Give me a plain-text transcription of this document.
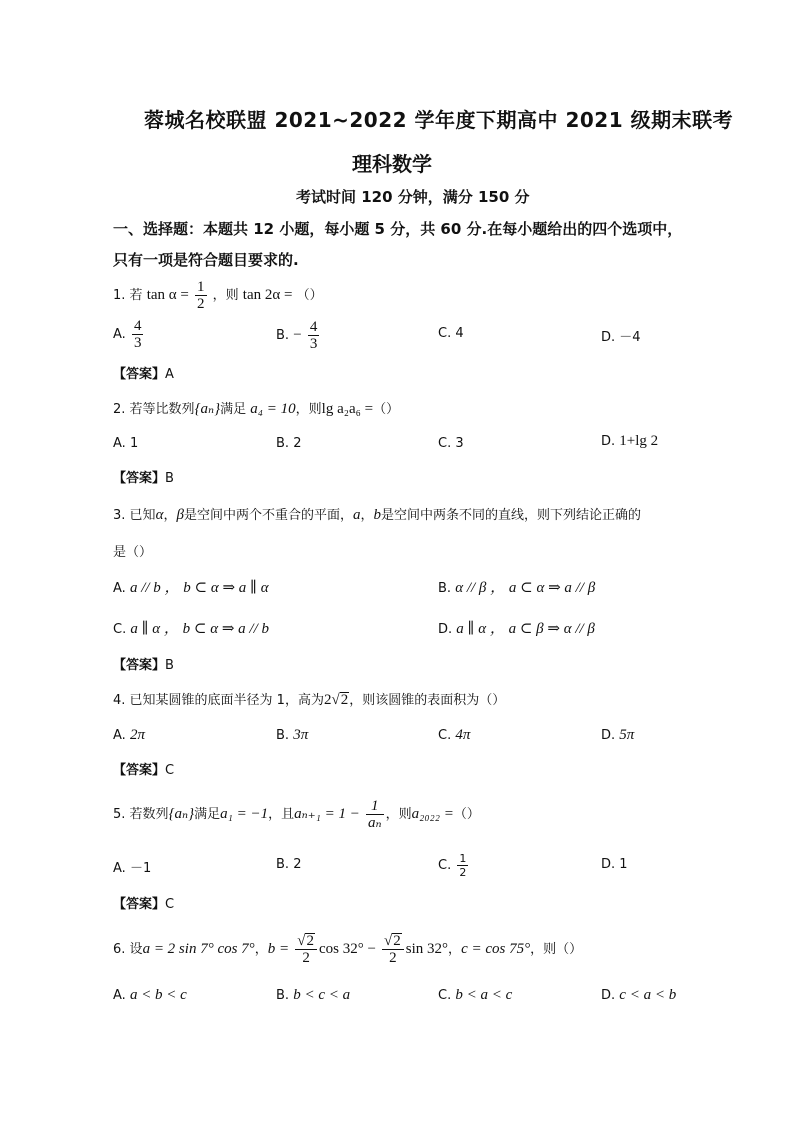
蓉城名校联盟 2021~2022 学年度下期高中 2021 级期末联考
理科数学
考试时间 120 分钟，满分 150 分
一、选择题：本题共 12 小题，每小题 5 分，共 60 分.在每小题给出的四个选项中，
只有一项是符合题目要求的.
1. 若 $\tan \alpha = \frac{1}{2}$ ，则 tan 2α = （）
A. $\frac{4}{3}$	B. − $\frac{4}{3}$	C. 4	D. －4
【答案】A
2. 若等比数列{aₙ}满足 a₄ = 10，则lg a₂a₆ =（）
A. 1	B. 2	C. 3	D. 1+lg 2
【答案】B
3. 已知α，β是空间中两个不重合的平面，a，b是空间中两条不同的直线，则下列结论正确的
是（）
A. a // b ， b ⊂ α ⇒ a ∥ α	B. α // β ， a ⊂ α ⇒ a // β
C. a ∥ α ， b ⊂ α ⇒ a // b	D. a ∥ α ， a ⊂ β ⇒ α // β
【答案】B
4. 已知某圆锥的底面半径为 1，高为2√2，则该圆锥的表面积为（）
A. 2π	B. 3π	C. 4π	D. 5π
【答案】C
5. 若数列{aₙ}满足a₁ = −1，且$a_{n+1} = 1 - \frac{1}{\text{aₙ}}$ ，则a₂₀₂₂ =（）
A. －1	B. 2	C. $\frac{1}{2}$	D. 1
【答案】C
6. 设a = 2 sin 7° cos 7°，$b = \frac{√2}{2}$ $\cos 32^\circ - \frac{√2}{2}$ sin 32°，c = cos 75°，则（）
A. a < b < c	B. b < c < a	C. b < a < c	D. c < a < b
